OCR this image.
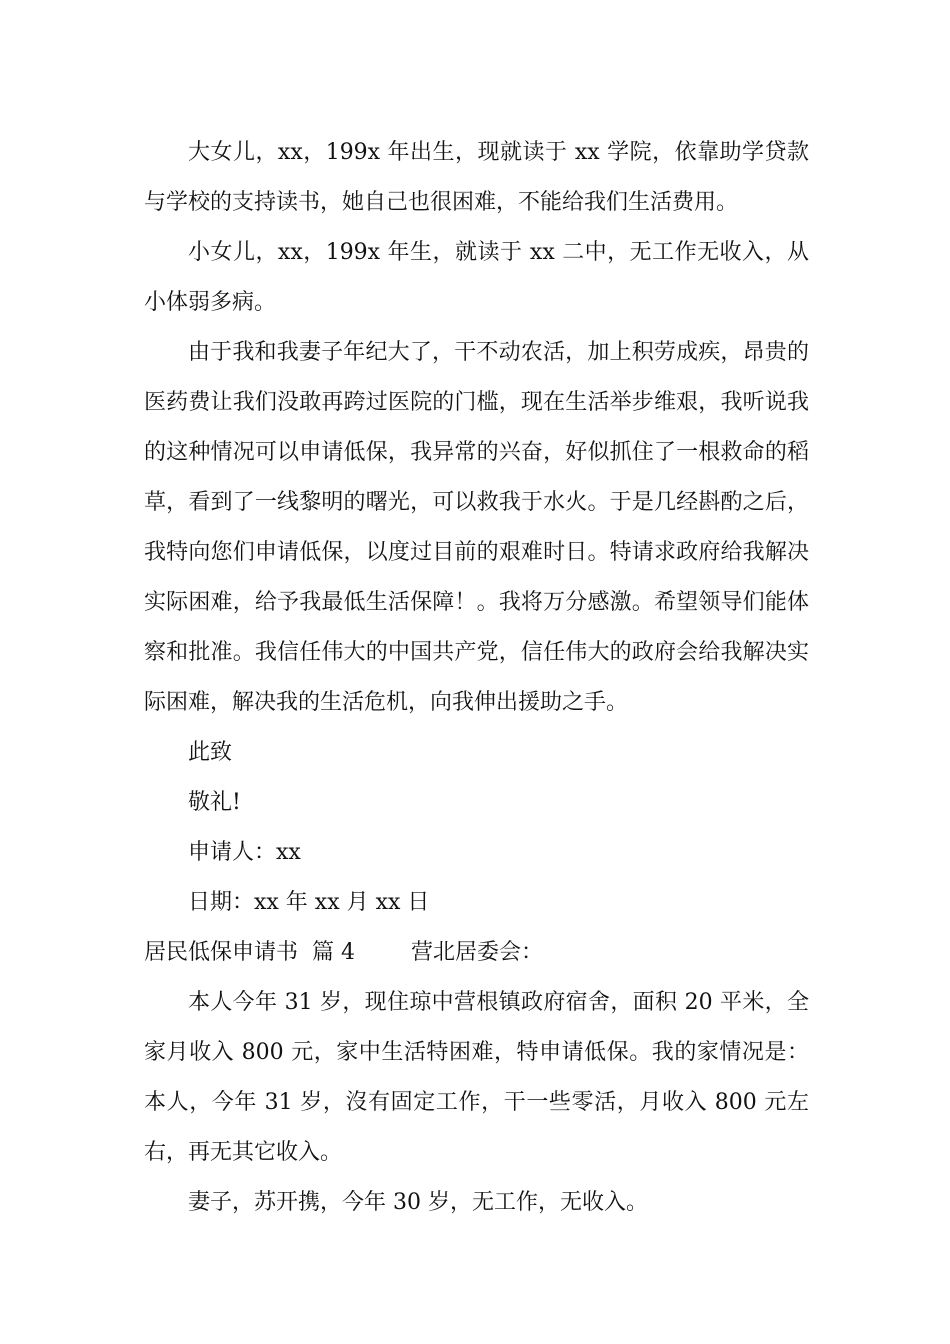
大女儿，xx，199x 年出生，现就读于 xx 学院，依靠助学贷款与学校的支持读书，她自己也很困难，不能给我们生活费用。

小女儿，xx，199x 年生，就读于 xx 二中，无工作无收入，从小体弱多病。

由于我和我妻子年纪大了，干不动农活，加上积劳成疾，昂贵的医药费让我们没敢再跨过医院的门槛，现在生活举步维艰，我听说我的这种情况可以申请低保，我异常的兴奋，好似抓住了一根救命的稻草，看到了一线黎明的曙光，可以救我于水火。于是几经斟酌之后，我特向您们申请低保，以度过目前的艰难时日。特请求政府给我解决实际困难，给予我最低生活保障！。我将万分感激。希望领导们能体察和批准。我信任伟大的中国共产党，信任伟大的政府会给我解决实际困难，解决我的生活危机，向我伸出援助之手。

此致

敬礼!

申请人：xx

日期：xx 年 xx 月 xx 日

居民低保申请书  篇 4	营北居委会：

本人今年 31 岁，现住琼中营根镇政府宿舍，面积 20 平米，全家月收入 800 元，家中生活特困难，特申请低保。我的家情况是：本人，今年 31 岁，沒有固定工作，干一些零活，月收入 800 元左右，再无其它收入。

妻子，苏开携，今年 30 岁，无工作，无收入。
